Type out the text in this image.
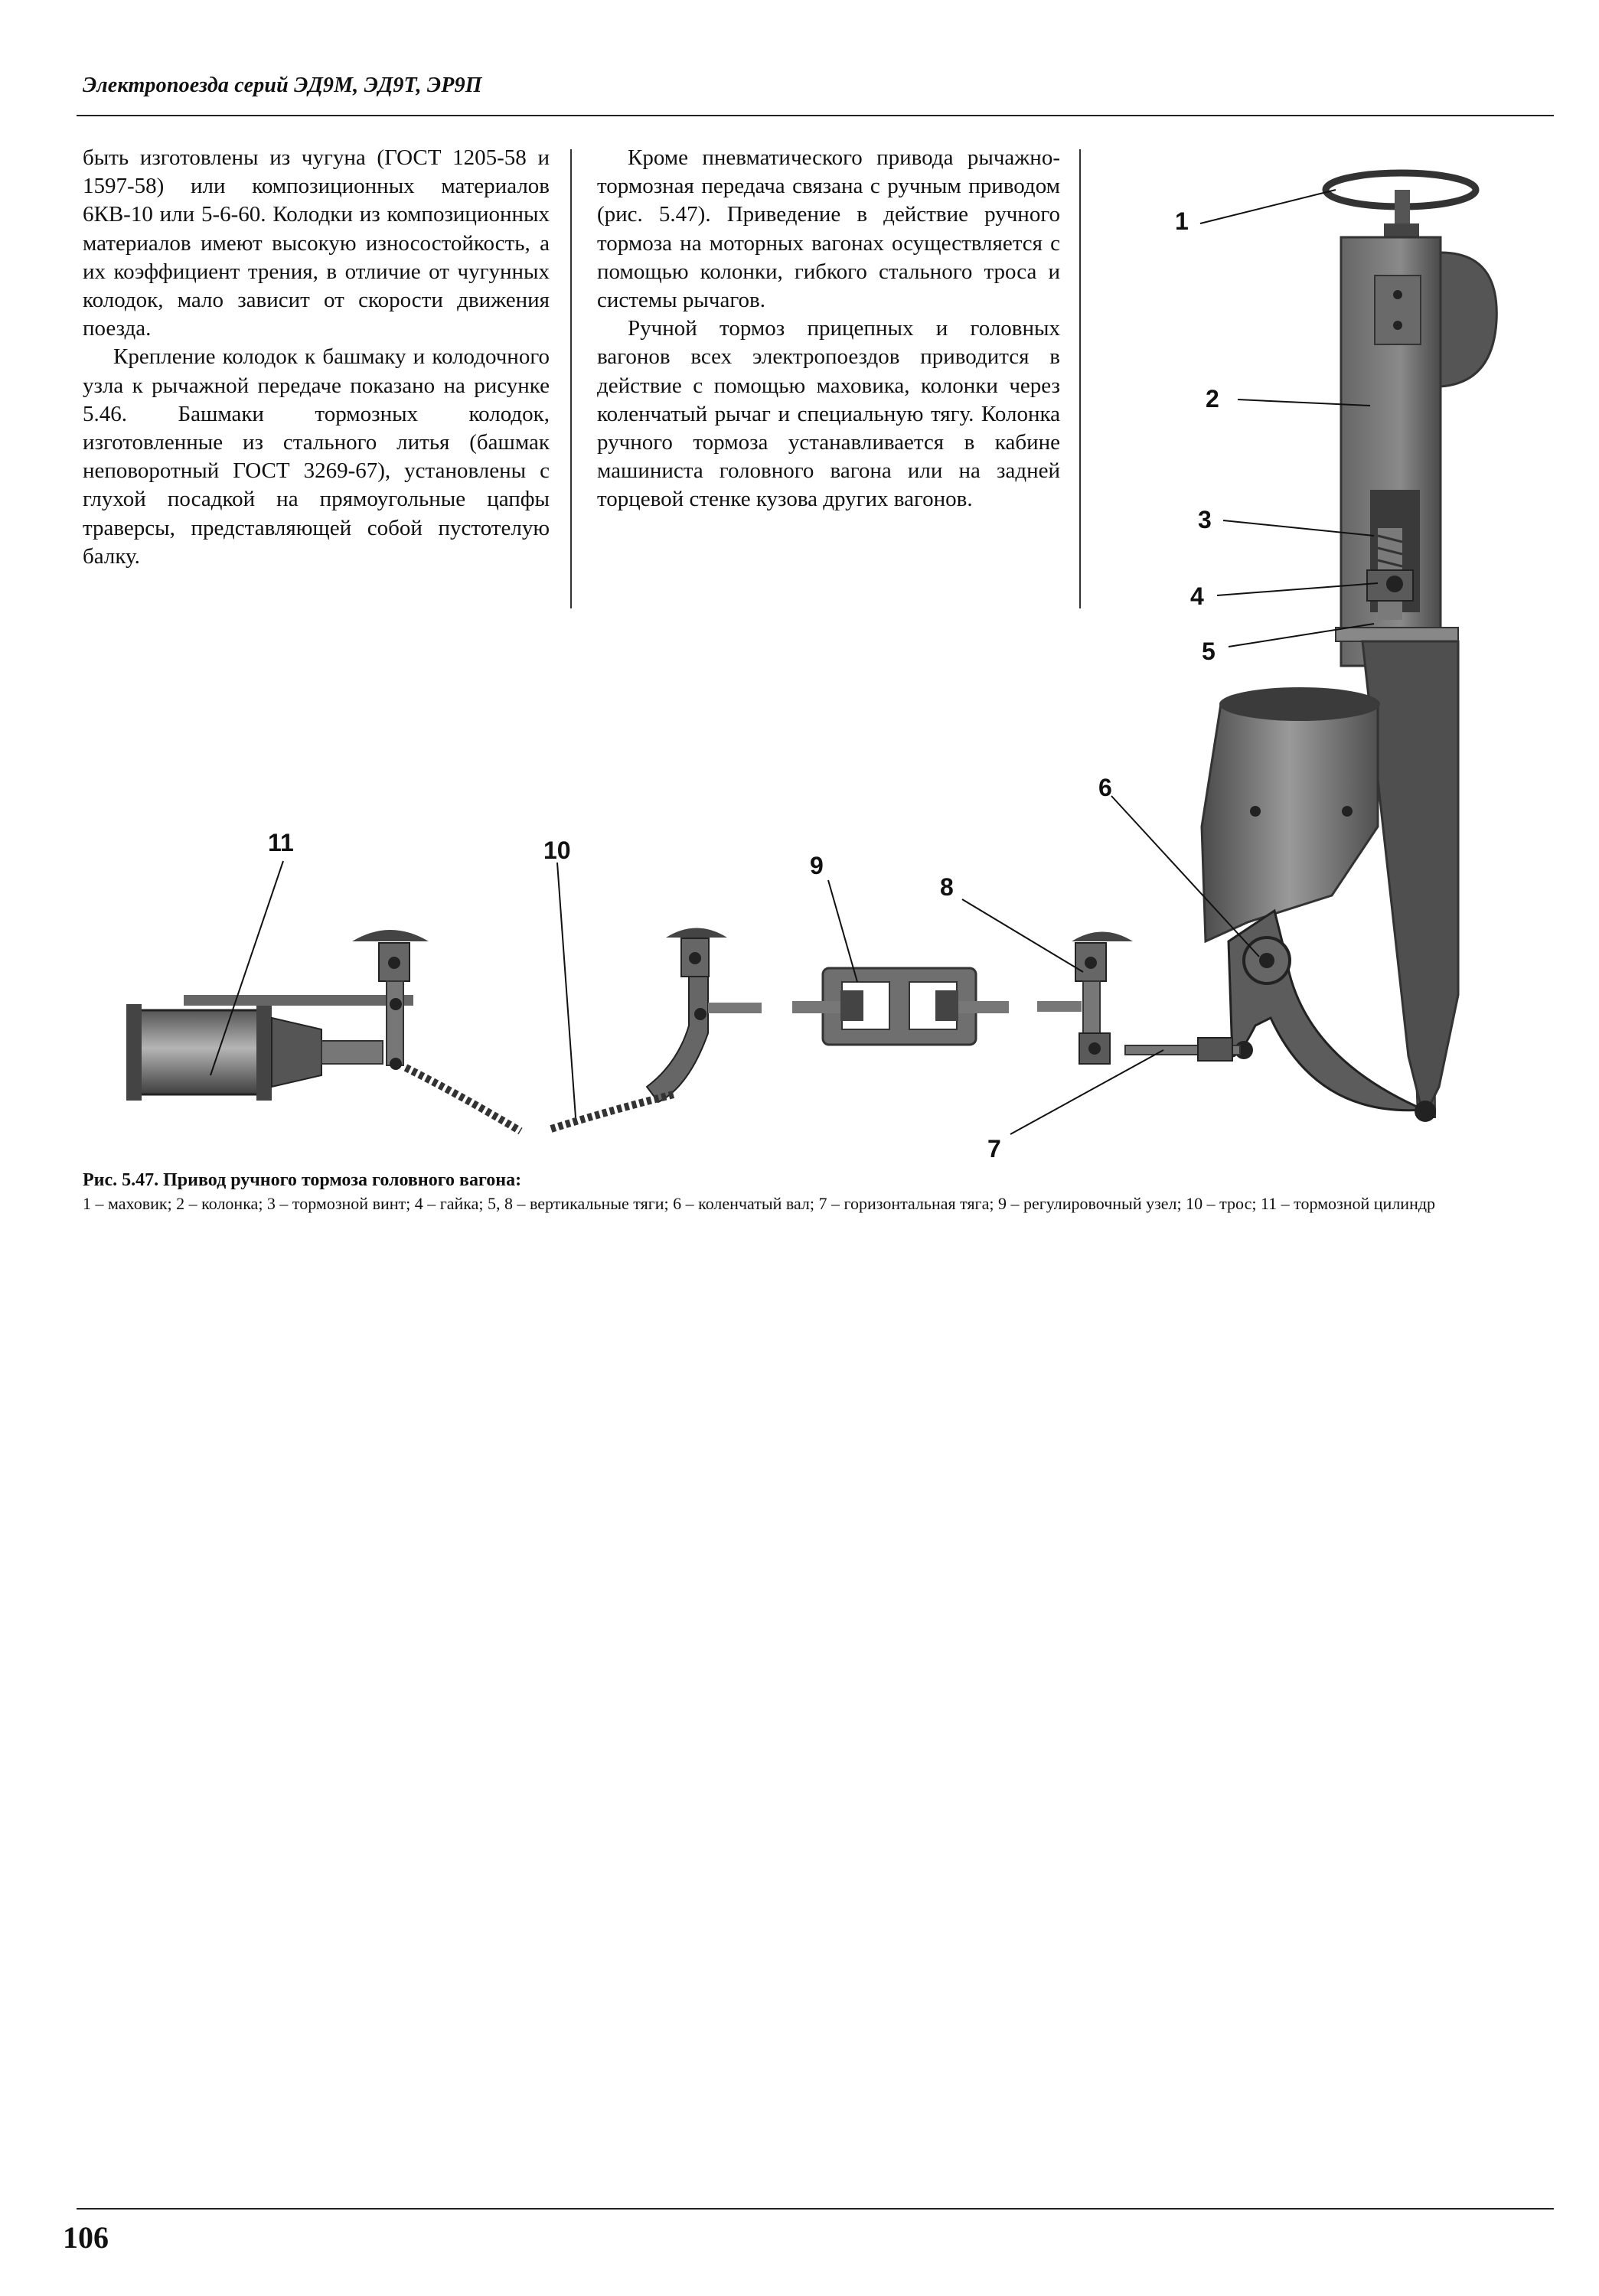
Электропоезда серий ЭД9М, ЭД9Т, ЭР9П

быть изготовлены из чугуна (ГОСТ 1205-58 и 1597-58) или композиционных материалов 6КВ-10 или 5-6-60. Колодки из композиционных материалов имеют высокую износостойкость, а их коэффициент трения, в отличие от чугунных колодок, мало зависит от скорости движения поезда.

Крепление колодок к башмаку и колодочного узла к рычажной передаче показано на рисунке 5.46. Башмаки тормозных колодок, изготовленные из стального литья (башмак неповоротный ГОСТ 3269-67), установлены с глухой посадкой на прямоугольные цапфы траверсы, представляющей собой пустотелую балку.

Кроме пневматического привода рычажно-тормозная передача связана с ручным приводом (рис. 5.47). Приведение в действие ручного тормоза на моторных вагонах осуществляется с помощью колонки, гибкого стального троса и системы рычагов.

Ручной тормоз прицепных и головных вагонов всех электропоездов приводится в действие с помощью маховика, колонки через коленчатый рычаг и специальную тягу. Колонка ручного тормоза устанавливается в кабине машиниста головного вагона или на задней торцевой стенке кузова других вагонов.

1
2
3
4
5
6
7
8
9
10
11
Рис. 5.47. Привод ручного тормоза головного вагона:
1 – маховик; 2 – колонка; 3 – тормозной винт; 4 – гайка; 5, 8 – вертикальные тяги; 6 – коленчатый вал; 7 – горизонтальная тяга; 9 – регулировочный узел; 10 – трос; 11 – тормозной цилиндр
106
